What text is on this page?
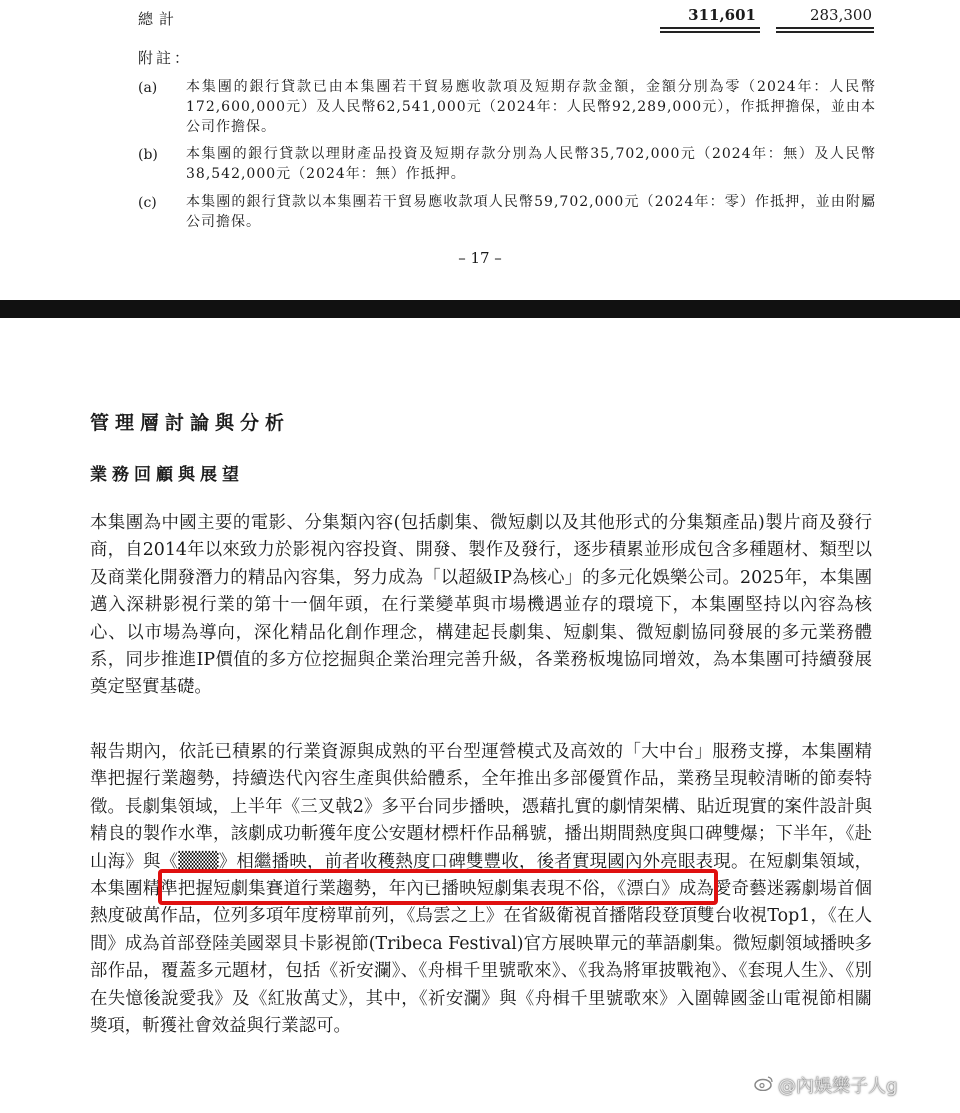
總計	311,601	283,300
附註：
(a) 本集團的銀行貸款已由本集團若干貿易應收款項及短期存款金額，金額分別為零（2024年：人民幣172,600,000元）及人民幣62,541,000元（2024年：人民幣92,289,000元），作抵押擔保，並由本公司作擔保。
(b) 本集團的銀行貸款以理財產品投資及短期存款分別為人民幣35,702,000元（2024年：無）及人民幣38,542,000元（2024年：無）作抵押。
(c) 本集團的銀行貸款以本集團若干貿易應收款項人民幣59,702,000元（2024年：零）作抵押，並由附屬公司擔保。
– 17 –
管理層討論與分析
業務回顧與展望
本集團為中國主要的電影、分集類內容(包括劇集、微短劇以及其他形式的分集類產品)製片商及發行商，自2014年以來致力於影視內容投資、開發、製作及發行，逐步積累並形成包含多種題材、類型以及商業化開發潛力的精品內容集，努力成為「以超級IP為核心」的多元化娛樂公司。2025年，本集團邁入深耕影視行業的第十一個年頭，在行業變革與市場機遇並存的環境下，本集團堅持以內容為核心、以市場為導向，深化精品化創作理念，構建起長劇集、短劇集、微短劇協同發展的多元業務體系，同步推進IP價值的多方位挖掘與企業治理完善升級，各業務板塊協同增效，為本集團可持續發展奠定堅實基礎。
報告期內，依託已積累的行業資源與成熟的平台型運營模式及高效的「大中台」服務支撐，本集團精準把握行業趨勢，持續迭代內容生產與供給體系，全年推出多部優質作品，業務呈現較清晰的節奏特徵。長劇集領域，上半年《三叉戟2》多平台同步播映，憑藉扎實的劇情架構、貼近現實的案件設計與精良的製作水準，該劇成功斬獲年度公安題材標杆作品稱號，播出期間熱度與口碑雙爆；下半年，《赴山海》與《▒▒▒》相繼播映，前者收穫熱度口碑雙豐收，後者實現國內外亮眼表現。在短劇集領域，本集團精準把握短劇集賽道行業趨勢，年內已播映短劇集表現不俗，《漂白》成為愛奇藝迷霧劇場首個熱度破萬作品，位列多項年度榜單前列，《烏雲之上》在省級衛視首播階段登頂雙台收視Top1，《在人間》成為首部登陸美國翠貝卡影視節(Tribeca Festival)官方展映單元的華語劇集。微短劇領域播映多部作品，覆蓋多元題材，包括《祈安瀾》、《舟楫千里號歌來》、《我為將軍披戰袍》、《套現人生》、《別在失憶後說愛我》及《紅妝萬丈》，其中，《祈安瀾》與《舟楫千里號歌來》入圍韓國釜山電視節相關獎項，斬獲社會效益與行業認可。
@內娛樂子人g
